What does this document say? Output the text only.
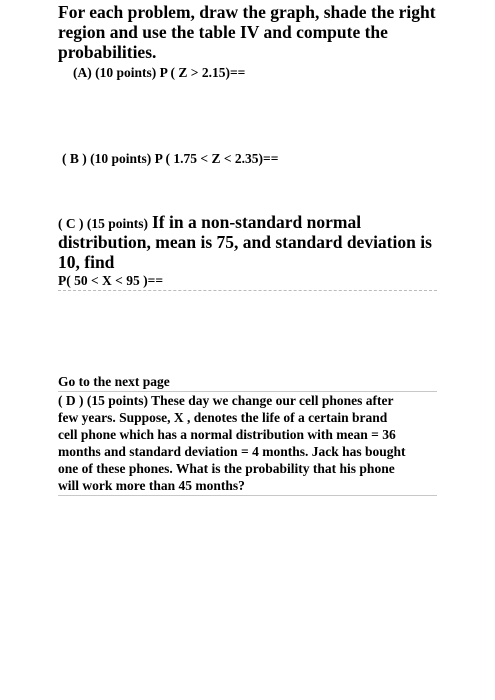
For each problem, draw the graph, shade the right
region and use the table IV and compute the
probabilities.
(A) (10 points) P ( Z > 2.15)==
( B ) (10 points) P ( 1.75 < Z < 2.35)==
( C ) (15 points) If in a non-standard normal
distribution, mean is 75, and standard deviation is
10, find
P( 50 < X < 95 )==
Go to the next page
( D ) (15 points) These day we change our cell phones after
few years. Suppose, X , denotes the life of a certain brand
cell phone which has a normal distribution with mean = 36
months and standard deviation = 4 months. Jack has bought
one of these phones. What is the probability that his phone
will work more than 45 months?
